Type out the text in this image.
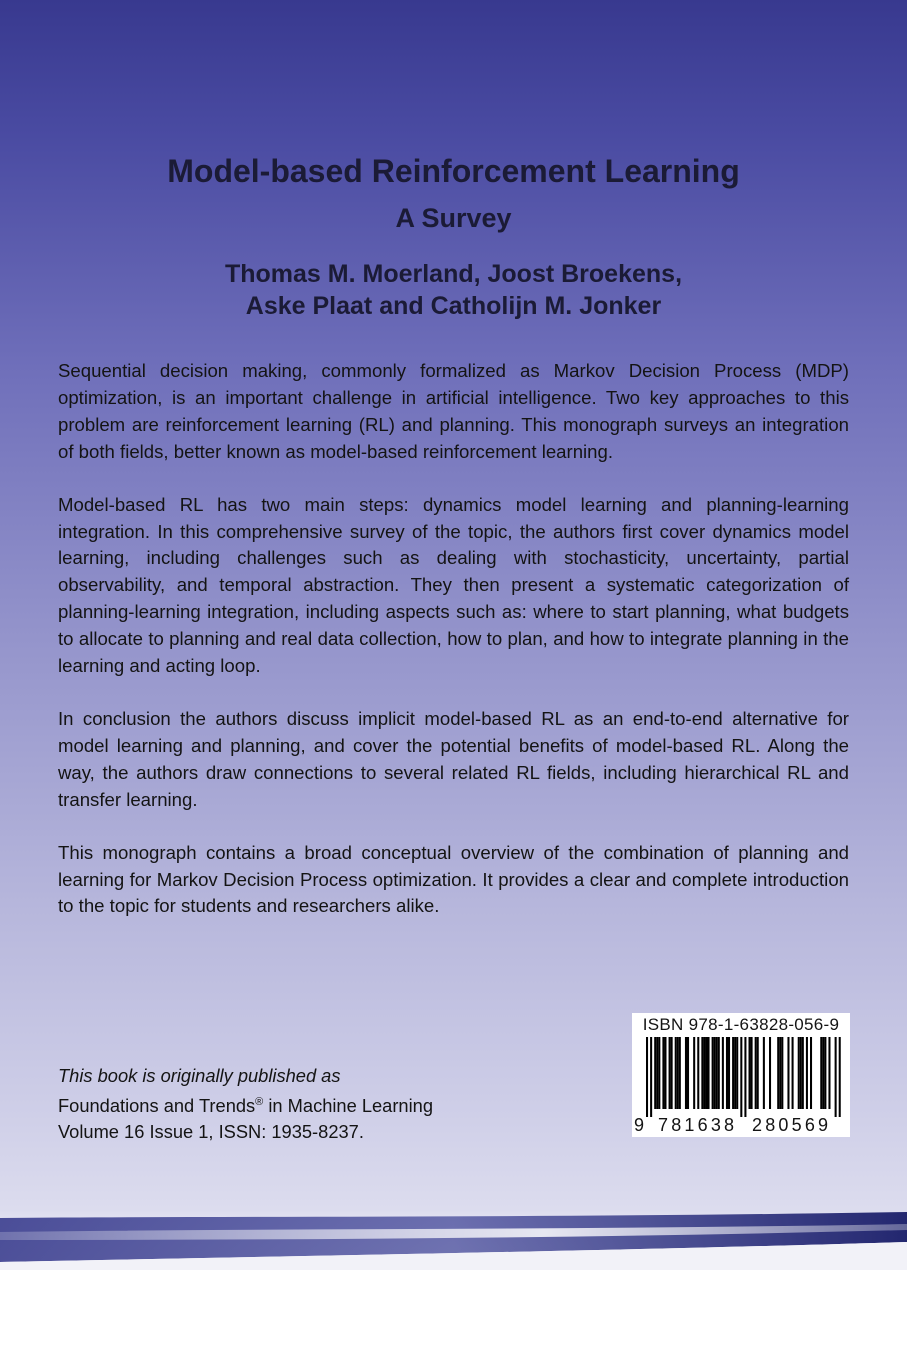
Model-based Reinforcement Learning
A Survey
Thomas M. Moerland, Joost Broekens,
Aske Plaat and Catholijn M. Jonker

Sequential decision making, commonly formalized as Markov Decision Process (MDP) optimization, is an important challenge in artificial intelligence. Two key approaches to this problem are reinforcement learning (RL) and planning. This monograph surveys an integration of both fields, better known as model-based reinforcement learning.

Model-based RL has two main steps: dynamics model learning and planning-learning integration. In this comprehensive survey of the topic, the authors first cover dynamics model learning, including challenges such as dealing with stochasticity, uncertainty, partial observability, and temporal abstraction. They then present a systematic categorization of planning-learning integration, including aspects such as: where to start planning, what budgets to allocate to planning and real data collection, how to plan, and how to integrate planning in the learning and acting loop.

In conclusion the authors discuss implicit model-based RL as an end-to-end alternative for model learning and planning, and cover the potential benefits of model-based RL. Along the way, the authors draw connections to several related RL fields, including hierarchical RL and transfer learning.

This monograph contains a broad conceptual overview of the combination of planning and learning for Markov Decision Process optimization. It provides a clear and complete introduction to the topic for students and researchers alike.

This book is originally published as
Foundations and Trends® in Machine Learning
Volume 16 Issue 1, ISSN: 1935-8237.
ISBN 978-1-63828-056-9
9 781638 280569
